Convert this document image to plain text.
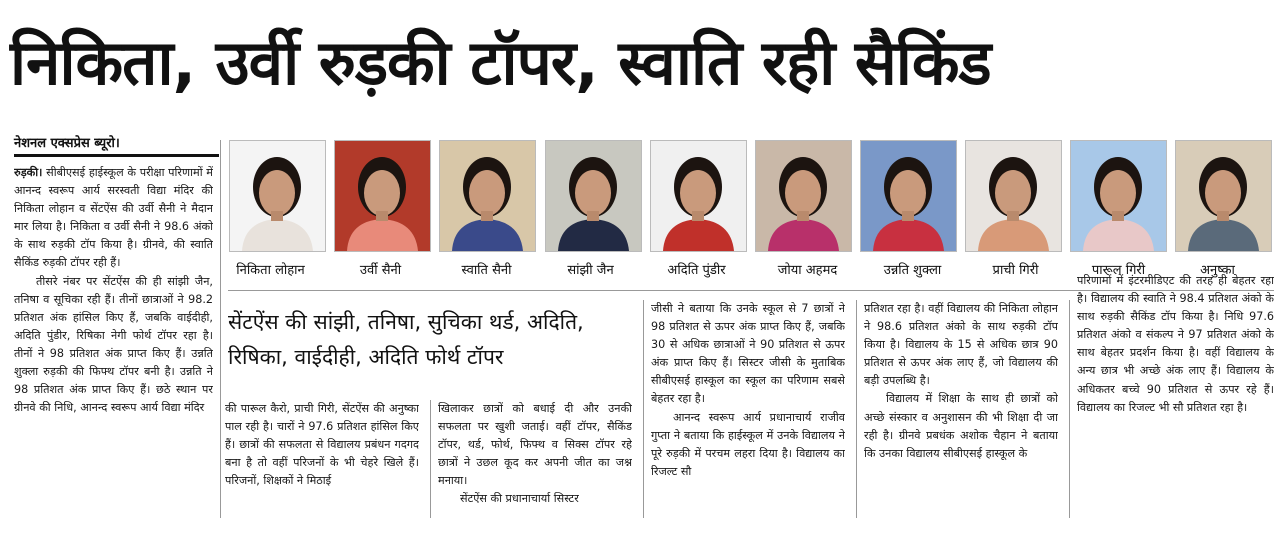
निकिता, उर्वी रुड़की टॉपर, स्वाति रही सैकिंड
नेशनल एक्सप्रेस ब्यूरो।

रुड़की। सीबीएसई हाईस्कूल के परीक्षा परिणामों में आनन्द स्वरूप आर्य सरस्वती विद्या मंदिर की निकिता लोहान व सेंटऐंस की उर्वी सैनी ने मैदान मार लिया है। निकिता व उर्वी सैनी ने 98.6 अंको के साथ रुड़की टॉप किया है। ग्रीनवे, की स्वाति सैकिंड रुड़की टॉपर रही हैं।

तीसरे नंबर पर सेंटऐंस की ही सांझी जैन, तनिषा व सूचिका रही हैं। तीनों छात्राओं ने 98.2 प्रतिशत अंक हांसिल किए हैं, जबकि वाईदीही, अदिति पुंडीर, रिषिका नेगी फोर्थ टॉपर रहा है। तीनों ने 98 प्रतिशत अंक प्राप्त किए हैं। उन्नति शुक्ला रुड़की की फिफ्थ टॉपर बनी है। उन्नति ने 98 प्रतिशत अंक प्राप्त किए हैं। छठे स्थान पर ग्रीनवे की निधि, आनन्द स्वरूप आर्य विद्या मंदिर

निकिता लोहान	उर्वी सैनी	स्वाति सैनी	सांझी जैन	अदिति पुंडीर	जोया अहमद	उन्नति शुक्ला	प्राची गिरी	पारूल गिरी	अनुष्का
सेंटऐंस की सांझी, तनिषा, सुचिका थर्ड, अदिति, रिषिका, वाईदीही, अदिति फोर्थ टॉपर

की पारूल कैरो, प्राची गिरी, सेंटऐंस की अनुष्का पाल रही है। चारों ने 97.6 प्रतिशत हांसिल किए हैं। छात्रों की सफलता से विद्यालय प्रबंधन गदगद बना है तो वहीं परिजनों के भी चेहरे खिले हैं। परिजनों, शिक्षकों ने मिठाई

खिलाकर छात्रों को बधाई दी और उनकी सफलता पर खुशी जताई। वहीं टॉपर, सैकिंड टॉपर, थर्ड, फोर्थ, फिफ्थ व सिक्स टॉपर रहे छात्रों ने उछल कूद कर अपनी जीत का जश्न मनाया।

सेंटऐंस की प्रधानाचार्या सिस्टर

जीसी ने बताया कि उनके स्कूल से 7 छात्रों ने 98 प्रतिशत से ऊपर अंक प्राप्त किए हैं, जबकि 30 से अधिक छात्राओं ने 90 प्रतिशत से ऊपर अंक प्राप्त किए हैं। सिस्टर जीसी के मुताबिक सीबीएसई हास्कूल का स्कूल का परिणाम सबसे बेहतर रहा है।

आनन्द स्वरूप आर्य प्रधानाचार्य राजीव गुप्ता ने बताया कि हाईस्कूल में उनके विद्यालय ने पूरे रुड़की में परचम लहरा दिया है। विद्यालय का रिजल्ट सौ

प्रतिशत रहा है। वहीं विद्यालय की निकिता लोहान ने 98.6 प्रतिशत अंको के साथ रुड़की टॉप किया है। विद्यालय के 15 से अधिक छात्र 90 प्रतिशत से ऊपर अंक लाए हैं, जो विद्यालय की बड़ी उपलब्धि है।

विद्यालय में शिक्षा के साथ ही छात्रों को अच्छे संस्कार व अनुशासन की भी शिक्षा दी जा रही है। ग्रीनवे प्रबधंक अशोक चैहान ने बताया कि उनका विद्यालय सीबीएसई हास्कूल के

परिणामों में इंटरमीडिएट की तरह ही बेहतर रहा है। विद्यालय की स्वाति ने 98.4 प्रतिशत अंको के साथ रुड़की सैकिंड टॉप किया है। निधि 97.6 प्रतिशत अंको व संकल्प ने 97 प्रतिशत अंको के साथ बेहतर प्रदर्शन किया है। वहीं विद्यालय के अन्य छात्र भी अच्छे अंक लाए हैं। विद्यालय के अधिकतर बच्चे 90 प्रतिशत से ऊपर रहे हैं। विद्यालय का रिजल्ट भी सौ प्रतिशत रहा है।
